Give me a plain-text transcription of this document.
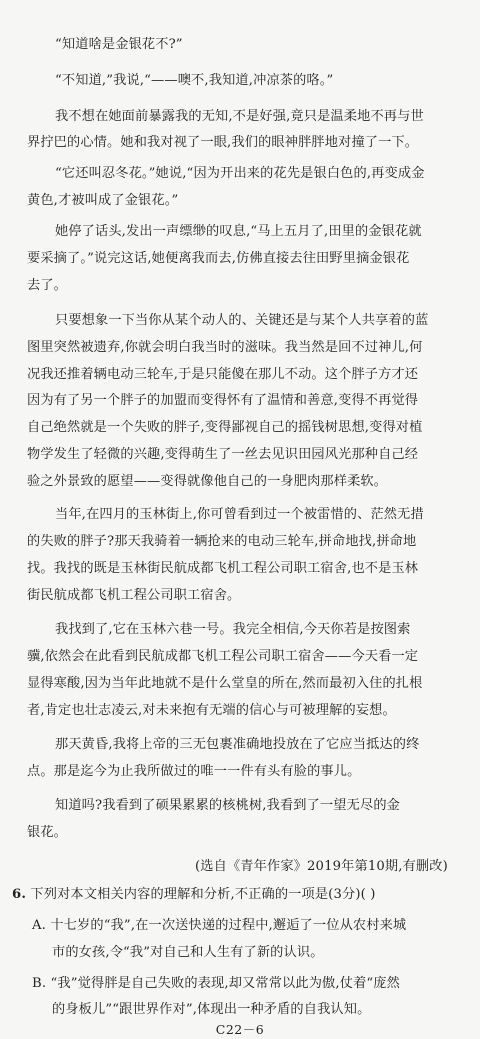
“知道啥是金银花不?”
“不知道,”我说,“——噢不,我知道,冲凉茶的咯。”
我不想在她面前暴露我的无知,不是好强,竟只是温柔地不再与世
界拧巴的心情。她和我对视了一眼,我们的眼神胖胖地对撞了一下。
“它还叫忍冬花。”她说,“因为开出来的花先是银白色的,再变成金
黄色,才被叫成了金银花。”
她停了话头,发出一声缥缈的叹息,“马上五月了,田里的金银花就
要采摘了。”说完这话,她便离我而去,仿佛直接去往田野里摘金银花
去了。
只要想象一下当你从某个动人的、关键还是与某个人共享着的蓝
图里突然被遗弃,你就会明白我当时的滋味。我当然是回不过神儿,何
况我还推着辆电动三轮车,于是只能傻在那儿不动。这个胖子方才还
因为有了另一个胖子的加盟而变得怀有了温情和善意,变得不再觉得
自己绝然就是一个失败的胖子,变得鄙视自己的摇钱树思想,变得对植
物学发生了轻微的兴趣,变得萌生了一丝去见识田园风光那种自己经
验之外景致的愿望——变得就像他自己的一身肥肉那样柔软。
当年,在四月的玉林街上,你可曾看到过一个被雷惜的、茫然无措
的失败的胖子?那天我骑着一辆抢来的电动三轮车,拼命地找,拼命地
找。我找的既是玉林街民航成都飞机工程公司职工宿舍,也不是玉林
街民航成都飞机工程公司职工宿舍。
我找到了,它在玉林六巷一号。我完全相信,今天你若是按图索
骥,依然会在此看到民航成都飞机工程公司职工宿舍——今天看一定
显得寒酸,因为当年此地就不是什么堂皇的所在,然而最初入住的扎根
者,肯定也壮志凌云,对未来抱有无端的信心与可被理解的妄想。
那天黄昏,我将上帝的三无包裹准确地投放在了它应当抵达的终
点。那是迄今为止我所做过的唯一一件有头有脸的事儿。
知道吗?我看到了硕果累累的核桃树,我看到了一望无尽的金
银花。
(选自《青年作家》2019年第10期,有删改)
6. 下列对本文相关内容的理解和分析,不正确的一项是(3分)( )
A. 十七岁的“我”,在一次送快递的过程中,邂逅了一位从农村来城
市的女孩,令“我”对自己和人生有了新的认识。
B. “我”觉得胖是自己失败的表现,却又常常以此为傲,仗着“庞然
的身板儿”“跟世界作对”,体现出一种矛盾的自我认知。
C22－6
